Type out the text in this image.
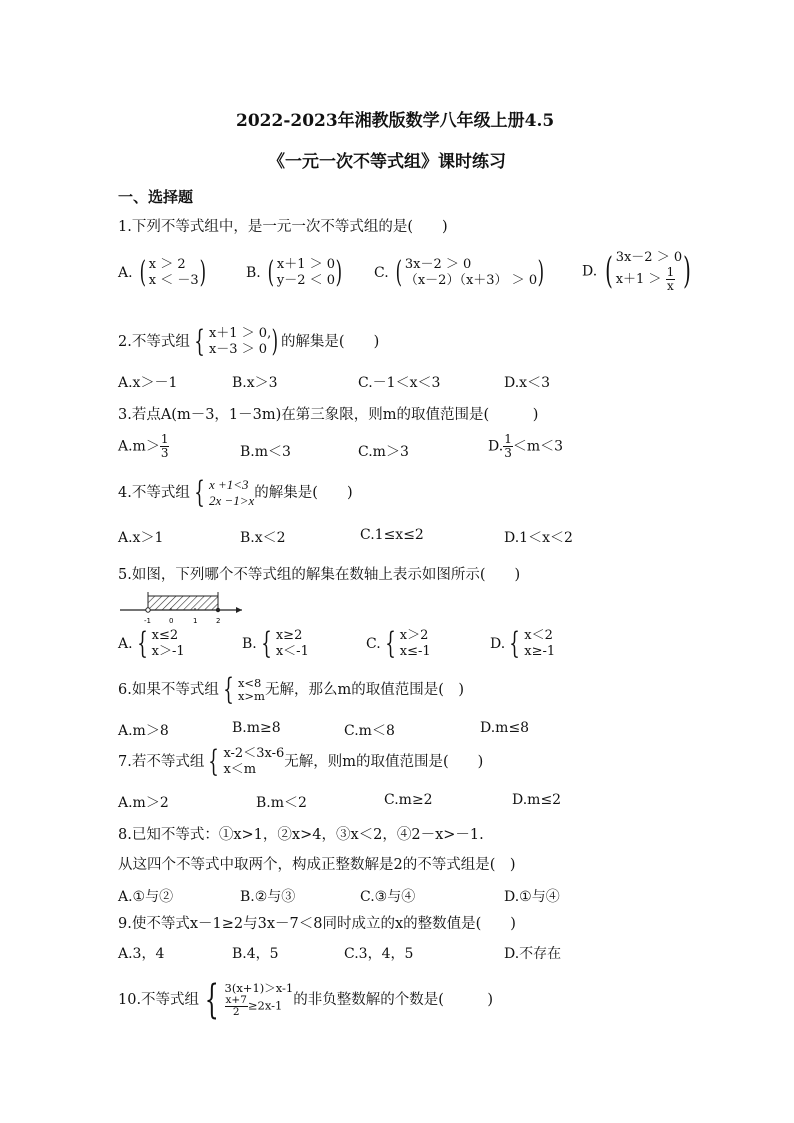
2022-2023年湘教版数学八年级上册4.5
《一元一次不等式组》课时练习
一、选择题
1.下列不等式组中，是一元一次不等式组的是(　　)
A. ( x ＞ 2
x ＜ －3 )	B. ( x＋1 ＞ 0
y－2 ＜ 0 ) C. ( 3x－2 ＞ 0
（x－2）（x＋3） ＞ 0 )	D. ( 3x－2 ＞ 0
$x+1 > \frac{1}{x}$ )
2.不等式组 { x＋1 ＞ 0,
x－3 ＞ 0 ) 的解集是(　　)
A.x＞－1	B.x＞3	C.－1＜x＜3	D.x＜3
3.若点A(m－3，1－3m)在第三象限，则m的取值范围是(　　　)
$A.m> \frac{1}{3}$	B.m＜3	C.m＞3	D. $\frac{1}{3} <m<3$
4.不等式组 { x +1<3
2x −1>x 的解集是(　　)
A.x＞1	B.x＜2	C.1≤x≤2	D.1＜x＜2
5.如图，下列哪个不等式组的解集在数轴上表示如图所示(　　)
-1	0	1	2
A. { x≤2
x＞-1	B. { x≥2
x＜-1	C. { x＞2
x≤-1	D. { x＜2
x≥-1
6.如果不等式组 { x<8
x>m 无解，那么m的取值范围是(　)
A.m＞8	B.m≥8	C.m＜8	D.m≤8
7.若不等式组 { x-2＜3x-6
x＜m	无解，则m的取值范围是(　　)
A.m＞2	B.m＜2	C.m≥2	D.m≤2
8.已知不等式：①x>1，②x>4，③x＜2，④2－x>－1.
从这四个不等式中取两个，构成正整数解是2的不等式组是(　)
A.①与②	B.②与③	C.③与④	D.①与④
9.使不等式x－1≥2与3x－7＜8同时成立的x的整数值是(　　)
A.3，4	B.4，5	C.3，4，5	D.不存在
10.不等式组 { 3(x+1)＞x-1
$\frac{x+7}{2} \ge 2x-1$ 的非负整数解的个数是(　　　)
